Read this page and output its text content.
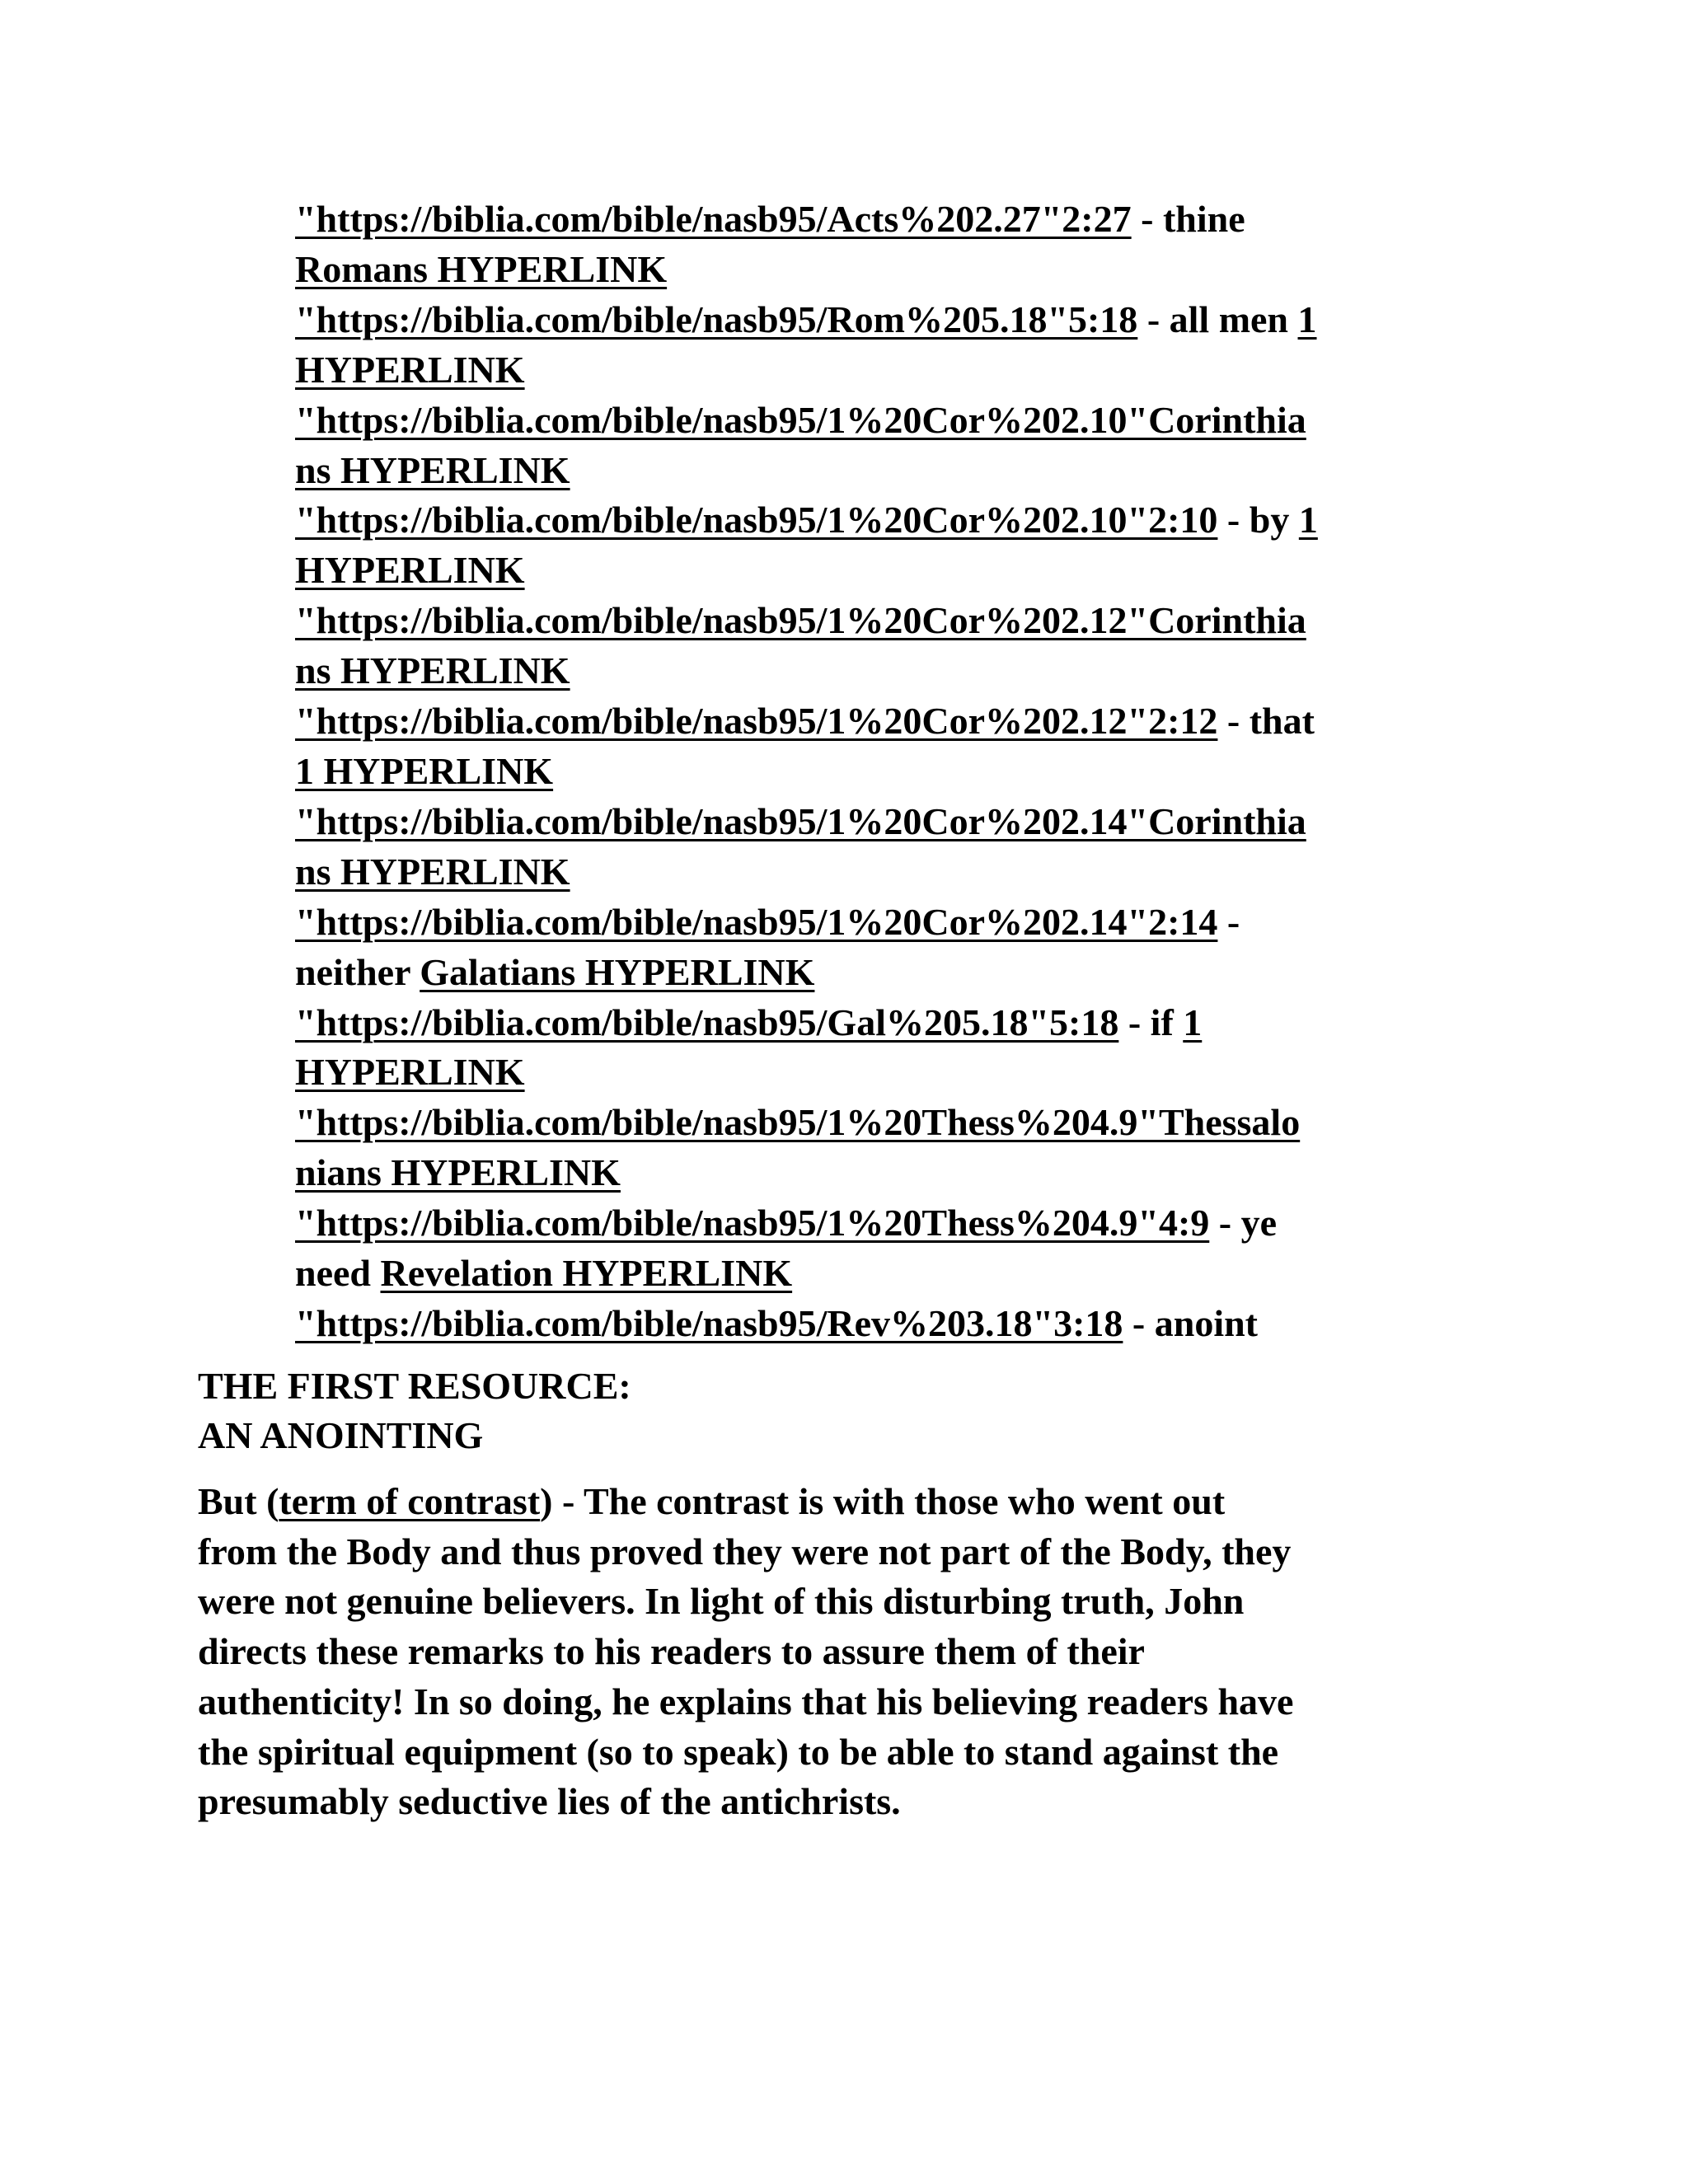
"https://biblia.com/bible/nasb95/Acts%202.27"2:27 - thine
Romans HYPERLINK
"https://biblia.com/bible/nasb95/Rom%205.18"5:18 - all men 1
HYPERLINK
"https://biblia.com/bible/nasb95/1%20Cor%202.10"Corinthia
ns HYPERLINK
"https://biblia.com/bible/nasb95/1%20Cor%202.10"2:10 - by 1
HYPERLINK
"https://biblia.com/bible/nasb95/1%20Cor%202.12"Corinthia
ns HYPERLINK
"https://biblia.com/bible/nasb95/1%20Cor%202.12"2:12 - that
1 HYPERLINK
"https://biblia.com/bible/nasb95/1%20Cor%202.14"Corinthia
ns HYPERLINK
"https://biblia.com/bible/nasb95/1%20Cor%202.14"2:14 -
neither Galatians HYPERLINK
"https://biblia.com/bible/nasb95/Gal%205.18"5:18 - if 1
HYPERLINK
"https://biblia.com/bible/nasb95/1%20Thess%204.9"Thessalo
nians HYPERLINK
"https://biblia.com/bible/nasb95/1%20Thess%204.9"4:9 - ye
need Revelation HYPERLINK
"https://biblia.com/bible/nasb95/Rev%203.18"3:18 - anoint
THE FIRST RESOURCE:
AN ANOINTING
But (term of contrast) - The contrast is with those who went out
from the Body and thus proved they were not part of the Body, they
were not genuine believers. In light of this disturbing truth, John
directs these remarks to his readers to assure them of their
authenticity! In so doing, he explains that his believing readers have
the spiritual equipment (so to speak) to be able to stand against the
presumably seductive lies of the antichrists.
